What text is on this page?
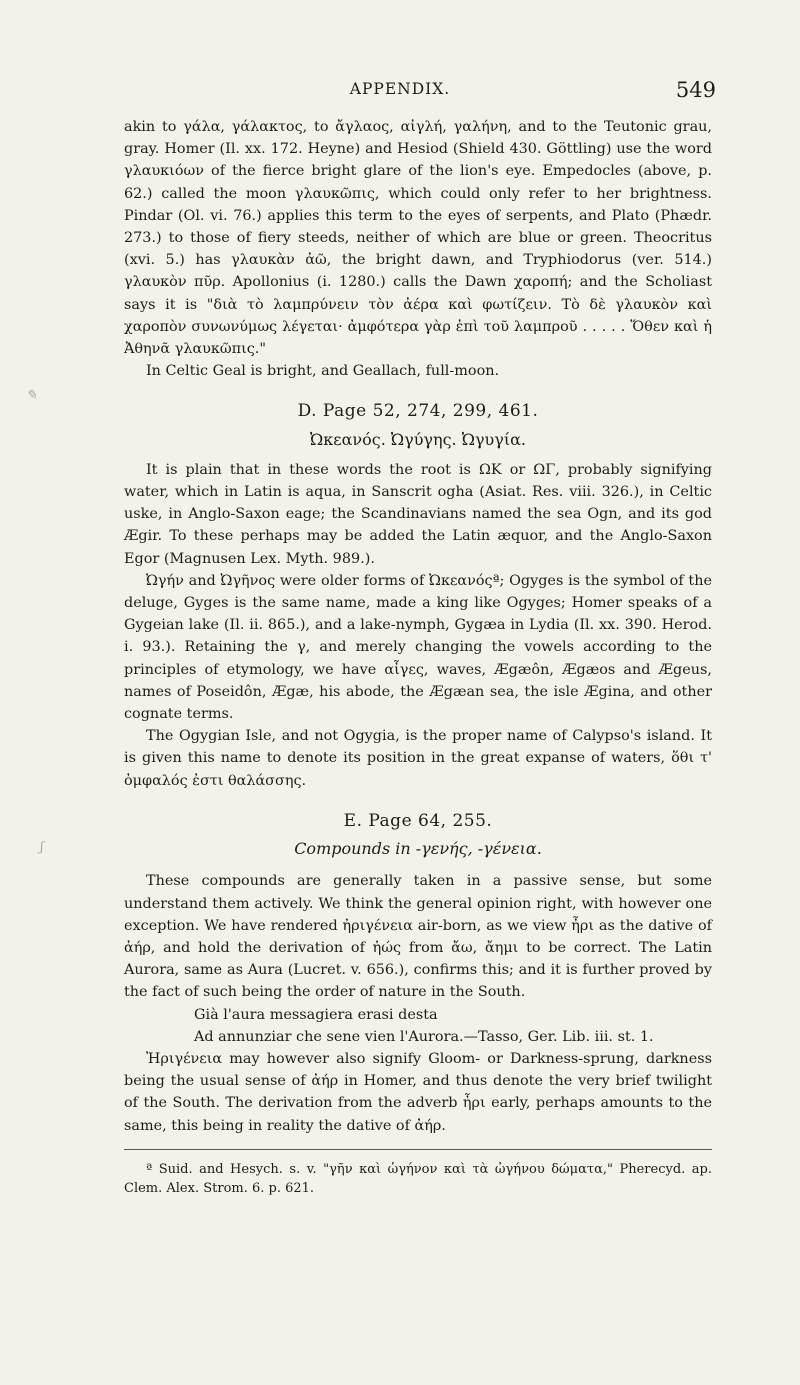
APPENDIX.	549
✎
ʃ

akin to γάλα, γάλακτος, to ἄγλαος, αἰγλή, γαλήνη, and to the Teutonic grau, gray. Homer (Il. xx. 172. Heyne) and Hesiod (Shield 430. Göttling) use the word γλαυκιόων of the fierce bright glare of the lion's eye. Empedocles (above, p. 62.) called the moon γλαυκῶπις, which could only refer to her brightness. Pindar (Ol. vi. 76.) applies this term to the eyes of serpents, and Plato (Phædr. 273.) to those of fiery steeds, neither of which are blue or green. Theocritus (xvi. 5.) has γλαυκὰν ἀῶ, the bright dawn, and Tryphiodorus (ver. 514.) γλαυκὸν πῦρ. Apollonius (i. 1280.) calls the Dawn χαροπή; and the Scholiast says it is "διὰ τὸ λαμπρύνειν τὸν ἀέρα καὶ φωτίζειν. Τὸ δὲ γλαυκὸν καὶ χαροπὸν συνωνύμως λέγεται· ἀμφότερα γὰρ ἐπὶ τοῦ λαμπροῦ . . . . . Ὅθεν καὶ ἡ Ἀθηνᾶ γλαυκῶπις."

In Celtic Geal is bright, and Geallach, full-moon.

D. Page 52, 274, 299, 461.
Ὠκεανός. Ὠγύγης. Ὠγυγία.

It is plain that in these words the root is ΩΚ or ΩΓ, probably signifying water, which in Latin is aqua, in Sanscrit ogha (Asiat. Res. viii. 326.), in Celtic uske, in Anglo-Saxon eage; the Scandinavians named the sea Ogn, and its god Ægir. To these perhaps may be added the Latin æquor, and the Anglo-Saxon Egor (Magnusen Lex. Myth. 989.).

Ὠγήν and Ὠγῆνος were older forms of Ὠκεανόςª; Ogyges is the symbol of the deluge, Gyges is the same name, made a king like Ogyges; Homer speaks of a Gygeian lake (Il. ii. 865.), and a lake-nymph, Gygæa in Lydia (Il. xx. 390. Herod. i. 93.). Retaining the γ, and merely changing the vowels according to the principles of etymology, we have αἶγες, waves, Ægæôn, Ægæos and Ægeus, names of Poseidôn, Ægæ, his abode, the Ægæan sea, the isle Ægina, and other cognate terms.

The Ogygian Isle, and not Ogygia, is the proper name of Calypso's island. It is given this name to denote its position in the great expanse of waters, ὅθι τ' ὀμφαλός ἐστι θαλάσσης.

E. Page 64, 255.
Compounds in -γενής, -γένεια.

These compounds are generally taken in a passive sense, but some understand them actively. We think the general opinion right, with however one exception. We have rendered ἠριγένεια air-born, as we view ἦρι as the dative of ἀήρ, and hold the derivation of ἠώς from ἄω, ἄημι to be correct. The Latin Aurora, same as Aura (Lucret. v. 656.), confirms this; and it is further proved by the fact of such being the order of nature in the South.

Già l'aura messagiera erasi desta

Ad annunziar che sene vien l'Aurora.—Tasso, Ger. Lib. iii. st. 1.

Ἠριγένεια may however also signify Gloom- or Darkness-sprung, darkness being the usual sense of ἀήρ in Homer, and thus denote the very brief twilight of the South. The derivation from the adverb ἦρι early, perhaps amounts to the same, this being in reality the dative of ἀήρ.

ª Suid. and Hesych. s. v. "γῆν καὶ ὠγήνον καὶ τὰ ὠγήνου δώματα," Pherecyd. ap. Clem. Alex. Strom. 6. p. 621.
